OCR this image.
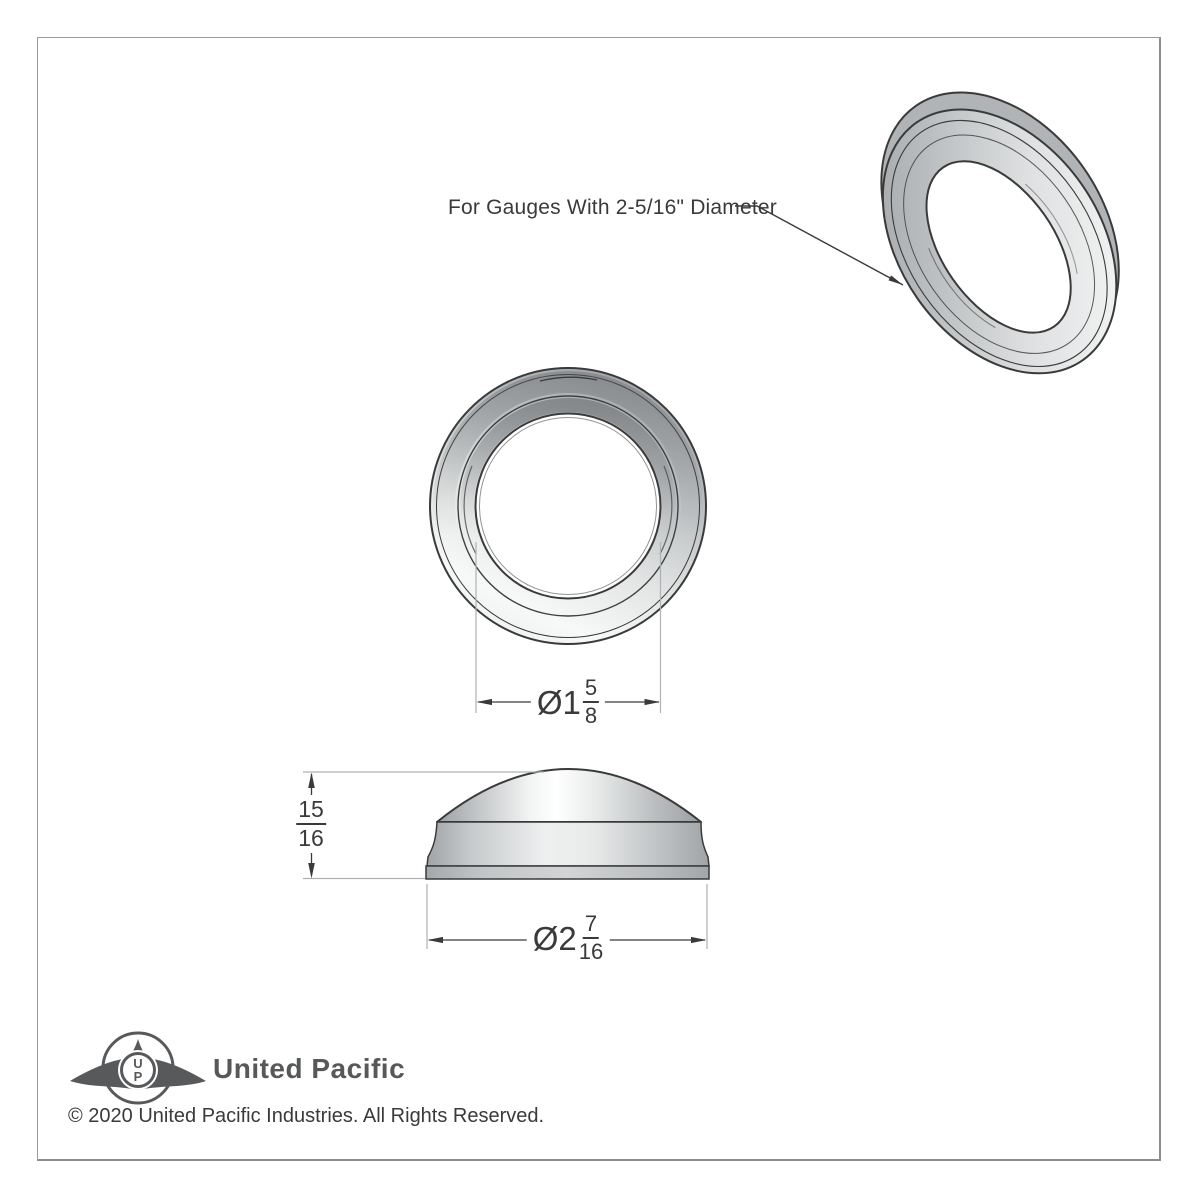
U
P
For Gauges With 2-5/16" Diameter
Ø1 $\frac{5}{8}$
$\frac{15}{16}$
Ø2 $\frac{7}{16}$
United Pacific
© 2020 United Pacific Industries. All Rights Reserved.
